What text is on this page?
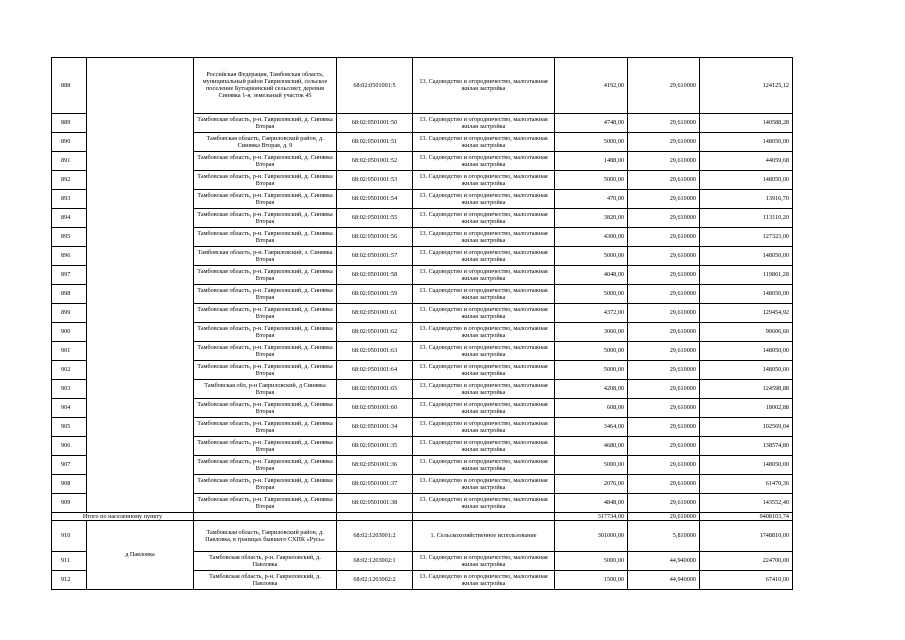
888		Российская Федерация, Тамбовская область, муниципальный район Гавриловский, сельское поселение Бутыркинский сельсовет, деревня Синявка 1-я, земельный участок 45	68:02:0501001:5	13. Садоводство и огородничество, малоэтажная жилая застройка	4192,00	29,610000	124125,12
889		Тамбовская область, р-н. Гавриловский, д. Синявка Вторая	68:02:0501001:50	13. Садоводство и огородничество, малоэтажная жилая застройка	4748,00	29,610000	140588,28
890		Тамбовская область, Гавриловский район, д. Синявка Вторая, д. 9	68:02:0501001:51	13. Садоводство и огородничество, малоэтажная жилая застройка	5000,00	29,610000	148050,00
891		Тамбовская область, р-н. Гавриловский, д. Синявка Вторая	68:02:0501001:52	13. Садоводство и огородничество, малоэтажная жилая застройка	1488,00	29,610000	44059,68
892		Тамбовская область, р-н. Гавриловский, д. Синявка Вторая	68:02:0501001:53	13. Садоводство и огородничество, малоэтажная жилая застройка	5000,00	29,610000	148050,00
893		Тамбовская область, р-н. Гавриловский, д. Синявка Вторая	68:02:0501001:54	13. Садоводство и огородничество, малоэтажная жилая застройка	470,00	29,610000	13916,70
894		Тамбовская область, р-н. Гавриловский, д. Синявка Вторая	68:02:0501001:55	13. Садоводство и огородничество, малоэтажная жилая застройка	3820,00	29,610000	113110,20
895		Тамбовская область, р-н. Гавриловский, д. Синявка Вторая	68:02:0501001:56	13. Садоводство и огородничество, малоэтажная жилая застройка	4300,00	29,610000	127323,00
896		Тамбовская область, р-н. Гавриловский, з. Синявка Вторая	68:02:0501001:57	13. Садоводство и огородничество, малоэтажная жилая застройка	5000,00	29,610000	148050,00
897		Тамбовская область, р-н. Гавриловский, д. Синявка Вторая	68:02:0501001:58	13. Садоводство и огородничество, малоэтажная жилая застройка	4048,00	29,610000	119861,28
898		Тамбовская область, р-н. Гавриловский, д. Синявка Вторая	68:02:0501001:59	13. Садоводство и огородничество, малоэтажная жилая застройка	5000,00	29,610000	148050,00
899		Тамбовская область, р-н. Гавриловский, д. Синявка Вторая	68:02:0501001:61	13. Садоводство и огородничество, малоэтажная жилая застройка	4372,00	29,610000	129454,92
900		Тамбовская область, р-н. Гавриловский, д. Синявка Вторая	68:02:0501001:62	13. Садоводство и огородничество, малоэтажная жилая застройка	3060,00	29,610000	90606,60
901		Тамбовская область, р-н. Гавриловский, д. Синявка Вторая	68:02:0501001:63	13. Садоводство и огородничество, малоэтажная жилая застройка	5000,00	29,610000	148050,00
902		Тамбовская область, р-н. Гавриловский, д. Синявка Вторая	68:02:0501001:64	13. Садоводство и огородничество, малоэтажная жилая застройка	5000,00	29,610000	148050,00
903		Тамбовская обл, р-н Гавриловский, д Синявка Вторая	68:02:0501001:65	13. Садоводство и огородничество, малоэтажная жилая застройка	4208,00	29,610000	124598,88
904		Тамбовская область, р-н. Гавриловский, д. Синявка Вторая	68:02:0501001:60	13. Садоводство и огородничество, малоэтажная жилая застройка	608,00	29,610000	18002,88
905		Тамбовская область, р-н. Гавриловский, д. Синявка Вторая	68:02:0501001:34	13. Садоводство и огородничество, малоэтажная жилая застройка	3464,00	29,610000	102569,04
906		Тамбовская область, р-н. Гавриловский, д. Синявка Вторая	68:02:0501001:35	13. Садоводство и огородничество, малоэтажная жилая застройка	4680,00	29,610000	138574,80
907		Тамбовская область, р-н. Гавриловский, д. Синявка Вторая	68:02:0501001:36	13. Садоводство и огородничество, малоэтажная жилая застройка	5000,00	29,610000	148050,00
908		Тамбовская область, р-н. Гавриловский, д. Синявка Вторая	68:02:0501001:37	13. Садоводство и огородничество, малоэтажная жилая застройка	2076,00	29,610000	61470,36
909		Тамбовская область, р-н. Гавриловский, д. Синявка Вторая	68:02:0501001:38	13. Садоводство и огородничество, малоэтажная жилая застройка	4848,00	29,610000	143552,40
Итого по населенному пункту					317734,00	29,610000	9408103,74
910	д Павловка	Тамбовская область, Гавриловский район, д. Павловка, в границах бывшего СХПК «Русь»	68:02:1203001:2	1. Сельскохозяйственное использование	301000,00	5,810000	1748810,00
911		Тамбовская область, р-н. Гавриловский, д. Павловка	68:02:1203002:1	13. Садоводство и огородничество, малоэтажная жилая застройка	5000,00	44,940000	224700,00
912		Тамбовская область, р-н. Гавриловский, д. Павловка	68:02:1203002:2	13. Садоводство и огородничество, малоэтажная жилая застройка	1500,00	44,940000	67410,00
